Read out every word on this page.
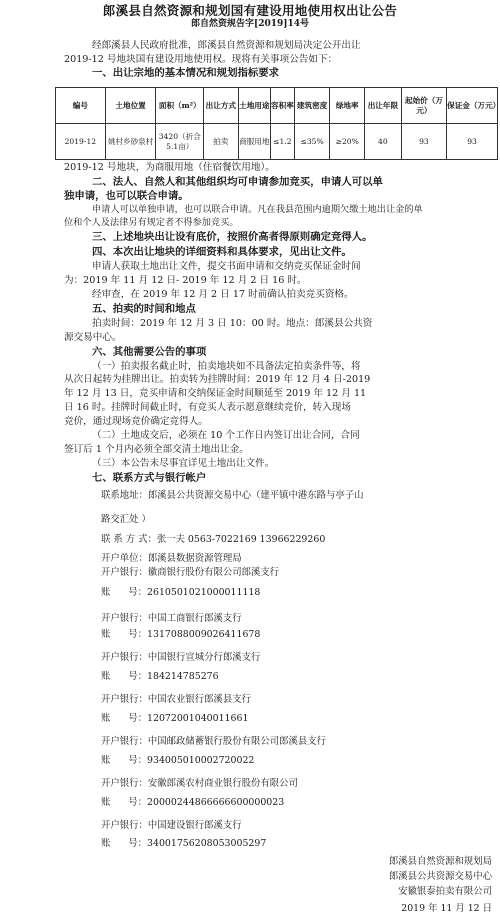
郎溪县自然资源和规划国有建设用地使用权出让公告
郎自然资规告字[2019]14号
经郎溪县人民政府批准，郎溪县自然资源和规划局决定公开出让
2019-12 号地块国有建设用地使用权。现将有关事项公告如下：
一、出让宗地的基本情况和规划指标要求
编号	土地位置	面积（m²）	出让方式	土地用途	容积率	建筑密度	绿地率	出让年限	起始价（万元）	保证金（万元）
2019-12	姚村乡砂泉村	3420（折合5.1亩）	拍卖	商服用地	≤1.2	≤35%	≥20%	40	93	93
2019-12 号地块，为商服用地（住宿餐饮用地）。
二、法人、自然人和其他组织均可申请参加竞买，申请人可以单
独申请，也可以联合申请。
申请人可以单独申请，也可以联合申请。凡在我县范围内逾期欠缴土地出让金的单
位和个人及法律另有规定者不得参加竞买。
三、上述地块出让设有底价，按照价高者得原则确定竞得人。
四、本次出让地块的详细资料和具体要求，见出让文件。
申请人获取土地出让文件，提交书面申请和交纳竞买保证金时间
为：2019 年 11 月 12 日- 2019 年 12 月 2 日 16 时。
经审查，在 2019 年 12 月 2 日 17 时前确认拍卖竞买资格。
五、拍卖的时间和地点
拍卖时间：2019 年 12 月 3 日 10：00 时。地点：郎溪县公共资
源交易中心。
六、其他需要公告的事项
（一）拍卖报名截止时，拍卖地块如不具备法定拍卖条件等，将
从次日起转为挂牌出让。拍卖转为挂牌时间：2019 年 12 月 4 日-2019
年 12 月 13 日，竞买申请和交纳保证金时间顺延至 2019 年 12 月 11
日 16 时。挂牌时间截止时，有竞买人表示愿意继续竞价，转入现场
竞价，通过现场竞价确定竞得人。
（二）土地成交后，必须在 10 个工作日内签订出让合同，合同
签订后 1 个月内必须全部交清土地出让金。
（三）本公告未尽事宜详见土地出让文件。
七、联系方式与银行帐户
联系地址：郎溪县公共资源交易中心（建平镇中港东路与亭子山
路交汇处 ）
联 系 方 式：张一夫 0563-7022169 13966229260
开户单位：郎溪县数据资源管理局
开户银行：徽商银行股份有限公司郎溪支行
账      号：2610501021000011118
开户银行：中国工商银行郎溪支行
账      号：1317088009026411678
开户银行：中国银行宣城分行郎溪支行
账      号：184214785276
开户银行：中国农业银行郎溪县支行
账      号：12072001040011661
开户银行：中国邮政储蓄银行股份有限公司郎溪县支行
账      号：934005010002720022
开户银行：安徽郎溪农村商业银行股份有限公司
账      号：20000244866666600000023
开户银行：中国建设银行郎溪支行
账      号：34001756208053005297
郎溪县自然资源和规划局
郎溪县公共资源交易中心
安徽银泰拍卖有限公司
2019 年 11 月 12 日
